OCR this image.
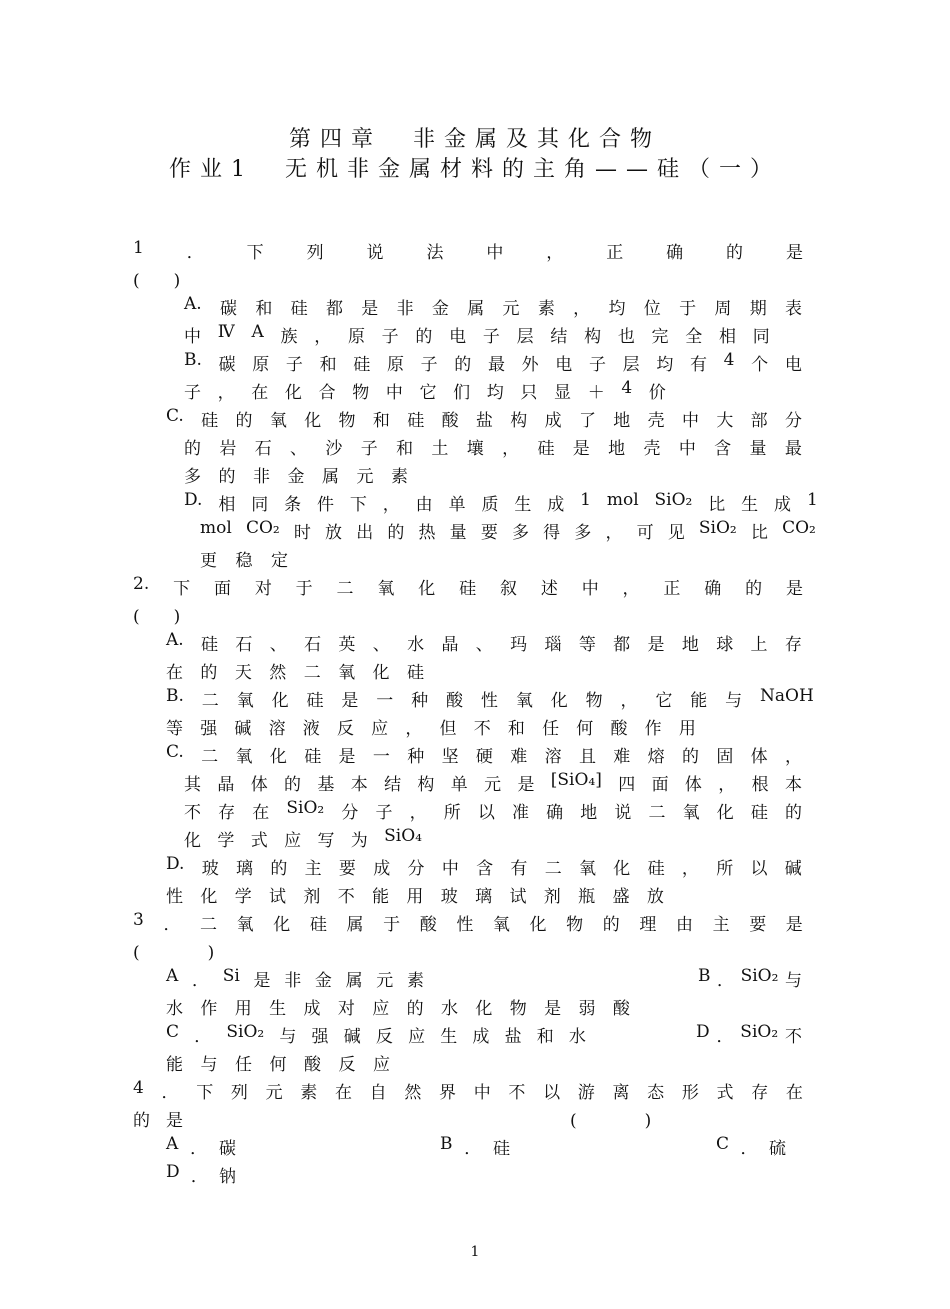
第四章　非金属及其化合物
作业1　无机非金属材料的主角——硅（一）
1	．	下	列	说	法	中	，	正	确	的	是
(　　)
A. 碳 和 硅 都 是 非 金 属 元 素 ， 均 位 于 周 期 表
中 Ⅳ A 族 ， 原 子 的 电 子 层 结 构 也 完 全 相 同
B. 碳 原 子 和 硅 原 子 的 最 外 电 子 层 均 有 4 个 电
子 ， 在 化 合 物 中 它 们 均 只 显 ＋ 4 价
C. 硅 的 氧 化 物 和 硅 酸 盐 构 成 了 地 壳 中 大 部 分
的 岩 石 、 沙 子 和 土 壤 ， 硅 是 地 壳 中 含 量 最
多 的 非 金 属 元 素
D. 相 同 条 件 下 ， 由 单 质 生 成 1 mol SiO₂ 比 生 成 1
mol CO₂ 时 放 出 的 热 量 要 多 得 多 ， 可 见 SiO₂ 比 CO₂
更 稳 定
2. 下 面 对 于 二 氧 化 硅 叙 述 中 ， 正 确 的 是
(　　)
A. 硅 石 、 石 英 、 水 晶 、 玛 瑙 等 都 是 地 球 上 存
在 的 天 然 二 氧 化 硅
B. 二 氧 化 硅 是 一 种 酸 性 氧 化 物 ， 它 能 与 NaOH
等 强 碱 溶 液 反 应 ， 但 不 和 任 何 酸 作 用
C. 二 氧 化 硅 是 一 种 坚 硬 难 溶 且 难 熔 的 固 体 ，
其 晶 体 的 基 本 结 构 单 元 是 [SiO₄] 四 面 体 ， 根 本
不 存 在 SiO₂ 分 子 ， 所 以 准 确 地 说 二 氧 化 硅 的
化 学 式 应 写 为 SiO₄
D. 玻 璃 的 主 要 成 分 中 含 有 二 氧 化 硅 ， 所 以 碱
性 化 学 试 剂 不 能 用 玻 璃 试 剂 瓶 盛 放
3 ． 二 氧 化 硅 属 于 酸 性 氧 化 物 的 理 由 主 要 是
(　　　　)
A ． Si 是 非 金 属 元 素	B ． SiO₂ 与
水 作 用 生 成 对 应 的 水 化 物 是 弱 酸
C ． SiO₂ 与 强 碱 反 应 生 成 盐 和 水	D ． SiO₂ 不
能 与 任 何 酸 反 应
4 ． 下 列 元 素 在 自 然 界 中 不 以 游 离 态 形 式 存 在
的 是	(　　　　)
A ． 碳	B ． 硅	C ． 硫
D ． 钠
1
